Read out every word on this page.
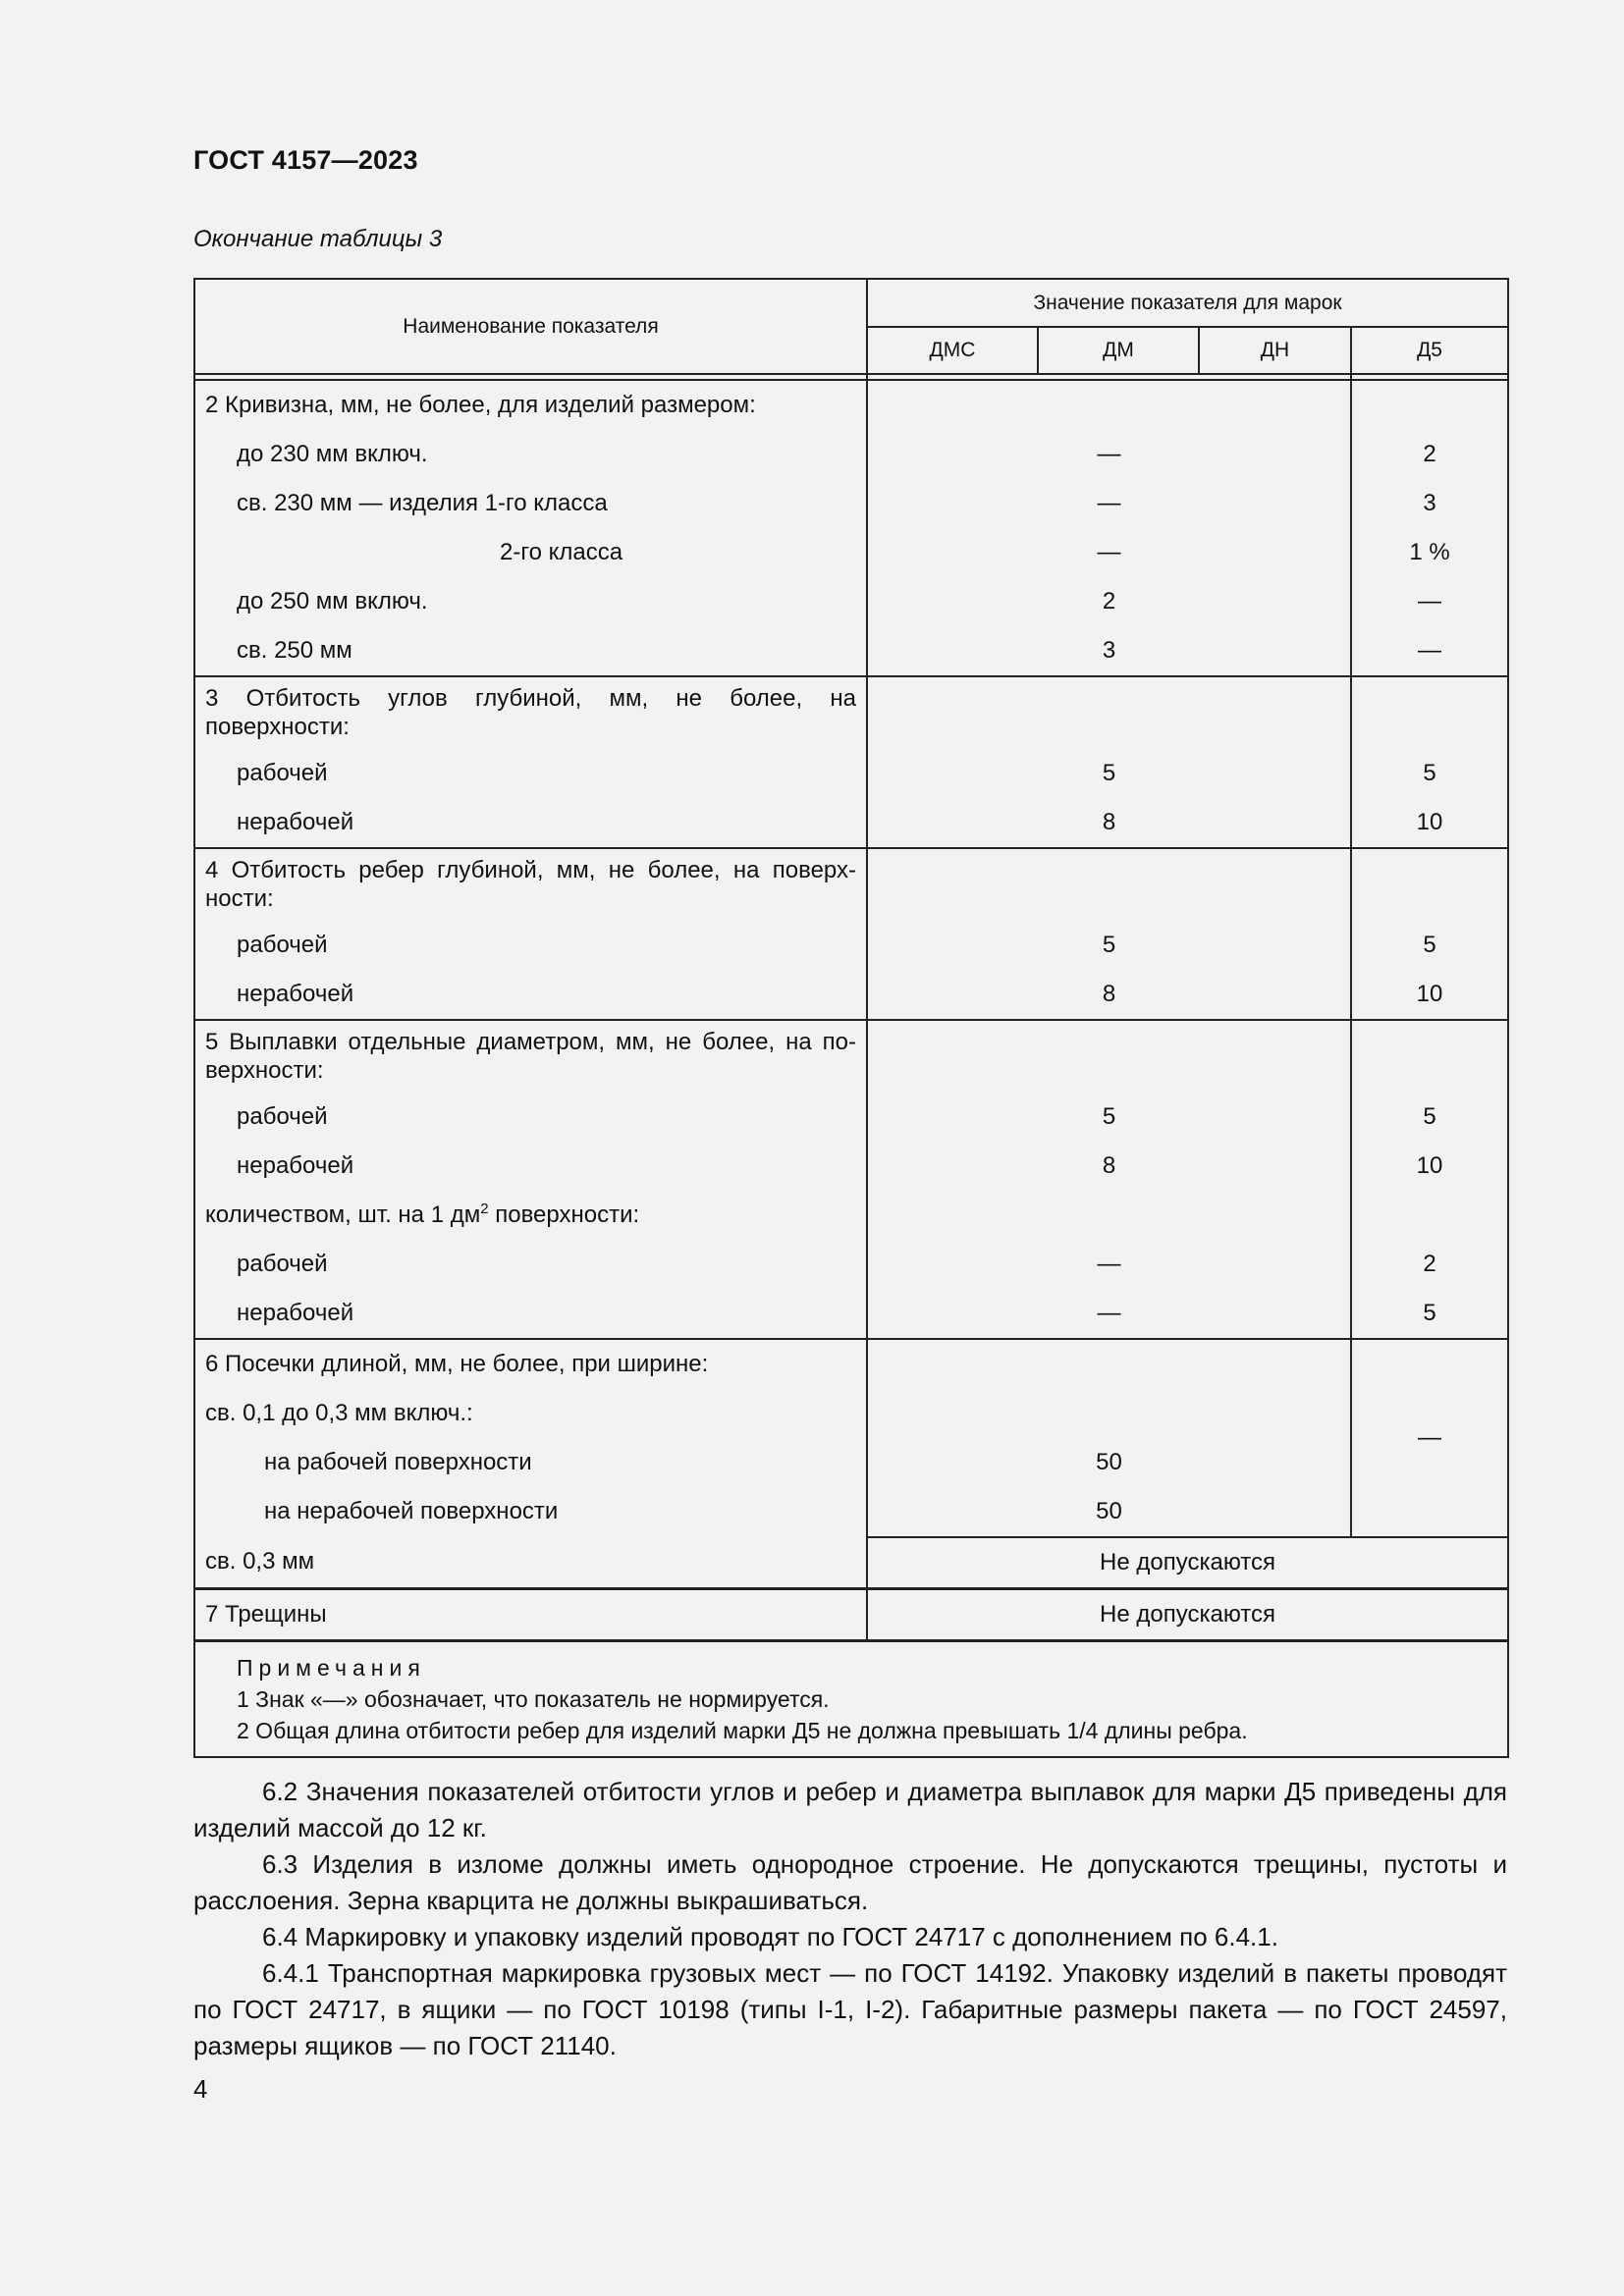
ГОСТ 4157—2023
Окончание таблицы 3
Наименование показателя	Значение показателя для марок			
	ДМС	ДМ	ДН	Д5

2 Кривизна, мм, не более, для изделий размером:				
до 230 мм включ.	—			2
св. 230 мм — изделия 1-го класса	—			3
2-го класса	—			1 %
до 250 мм включ.	2			—
св. 250 мм	3			—
3 Отбитость углов глубиной, мм, не более, на поверхности:				
рабочей	5			5
нерабочей	8			10
4 Отбитость ребер глубиной, мм, не более, на поверхности:				
рабочей	5			5
нерабочей	8			10
5 Выплавки отдельные диаметром, мм, не более, на поверхности:				
рабочей	5			5
нерабочей	8			10
количеством, шт. на 1 $дм^2$ поверхности:				
рабочей	—			2
нерабочей	—			5
6 Посечки длиной, мм, не более, при ширине:				—
св. 0,1 до 0,3 мм включ.:				
на рабочей поверхности	50			
на нерабочей поверхности	50			
св. 0,3 мм	Не допускаются			
7 Трещины	Не допускаются			

Примечания
1 Знак «—» обозначает, что показатель не нормируется.
2 Общая длина отбитости ребер для изделий марки Д5 не должна превышать 1/4 длины ребра.				

6.2 Значения показателей отбитости углов и ребер и диаметра выплавок для марки Д5 приведены для изделий массой до 12 кг.

6.3 Изделия в изломе должны иметь однородное строение. Не допускаются трещины, пустоты и расслоения. Зерна кварцита не должны выкрашиваться.

6.4 Маркировку и упаковку изделий проводят по ГОСТ 24717 с дополнением по 6.4.1.

6.4.1 Транспортная маркировка грузовых мест — по ГОСТ 14192. Упаковку изделий в пакеты проводят по ГОСТ 24717, в ящики — по ГОСТ 10198 (типы I-1, I-2). Габаритные размеры пакета — по ГОСТ 24597, размеры ящиков — по ГОСТ 21140.

4
